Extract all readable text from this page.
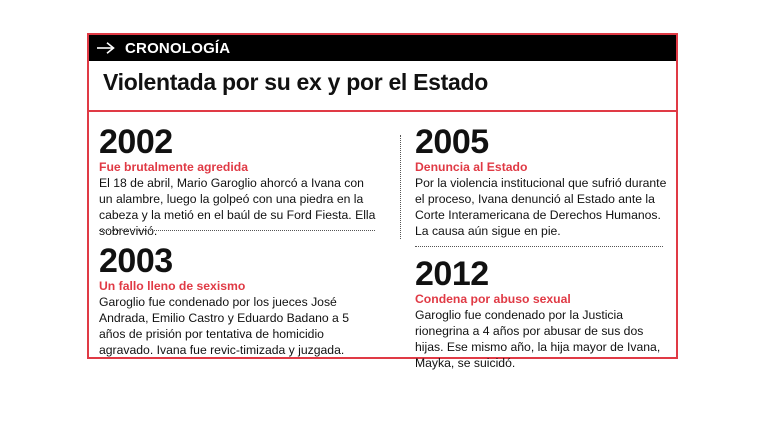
CRONOLOGÍA
Violentada por su ex y por el Estado
2002
Fue brutalmente agredida
El 18 de abril, Mario Garoglio ahorcó a Ivana con un alambre, luego la golpeó con una piedra en la cabeza y la metió en el baúl de su Ford Fiesta. Ella sobrevivió.
2003
Un fallo lleno de sexismo
Garoglio fue condenado por los jueces José Andrada, Emilio Castro y Eduardo Badano a 5 años de prisión por tentativa de homicidio agravado. Ivana fue revic-timizada y juzgada.
2005
Denuncia al Estado
Por la violencia institucional que sufrió durante el proceso, Ivana denunció al Estado ante la Corte Interamericana de Derechos Humanos. La causa aún sigue en pie.
2012
Condena por abuso sexual
Garoglio fue condenado por la Justicia rionegrina a 4 años por abusar de sus dos hijas. Ese mismo año, la hija mayor de Ivana, Mayka, se suicidó.
